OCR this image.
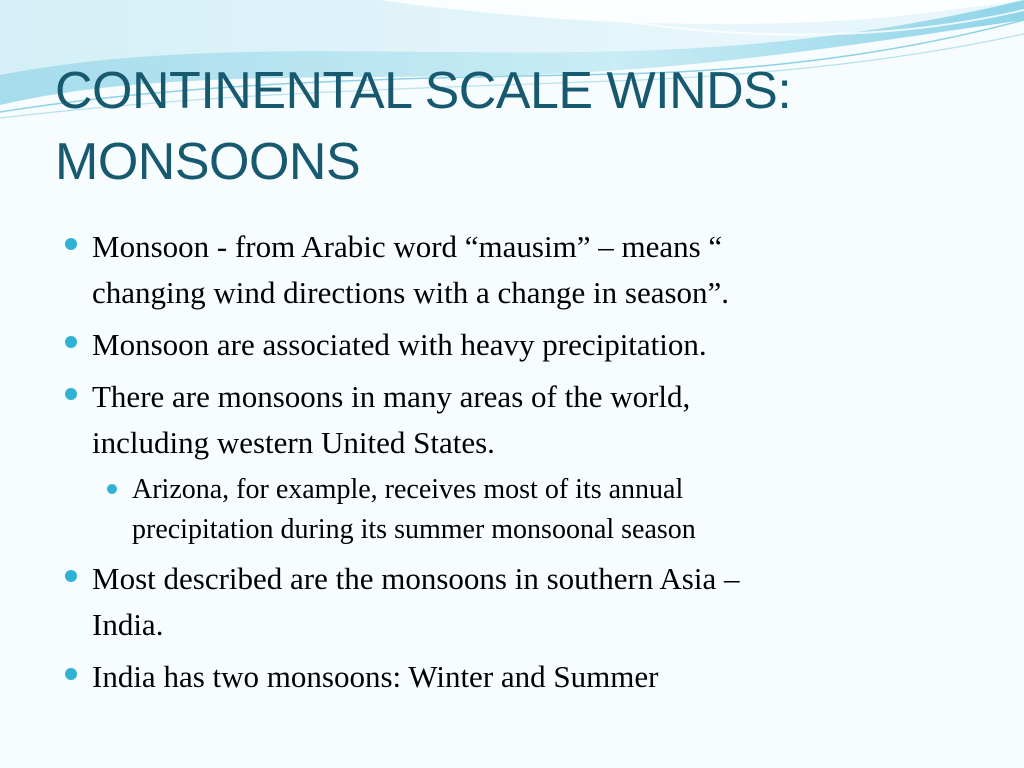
CONTINENTAL SCALE WINDS:
MONSOONS
Monsoon - from Arabic word “mausim” – means “
changing wind directions with a change in season”.
Monsoon are associated with heavy precipitation.
There are monsoons in many areas of the world,
including western United States.
Arizona, for example, receives most of its annual
precipitation during its summer monsoonal season
Most described are the monsoons in southern Asia –
India.
India has two monsoons: Winter and Summer
